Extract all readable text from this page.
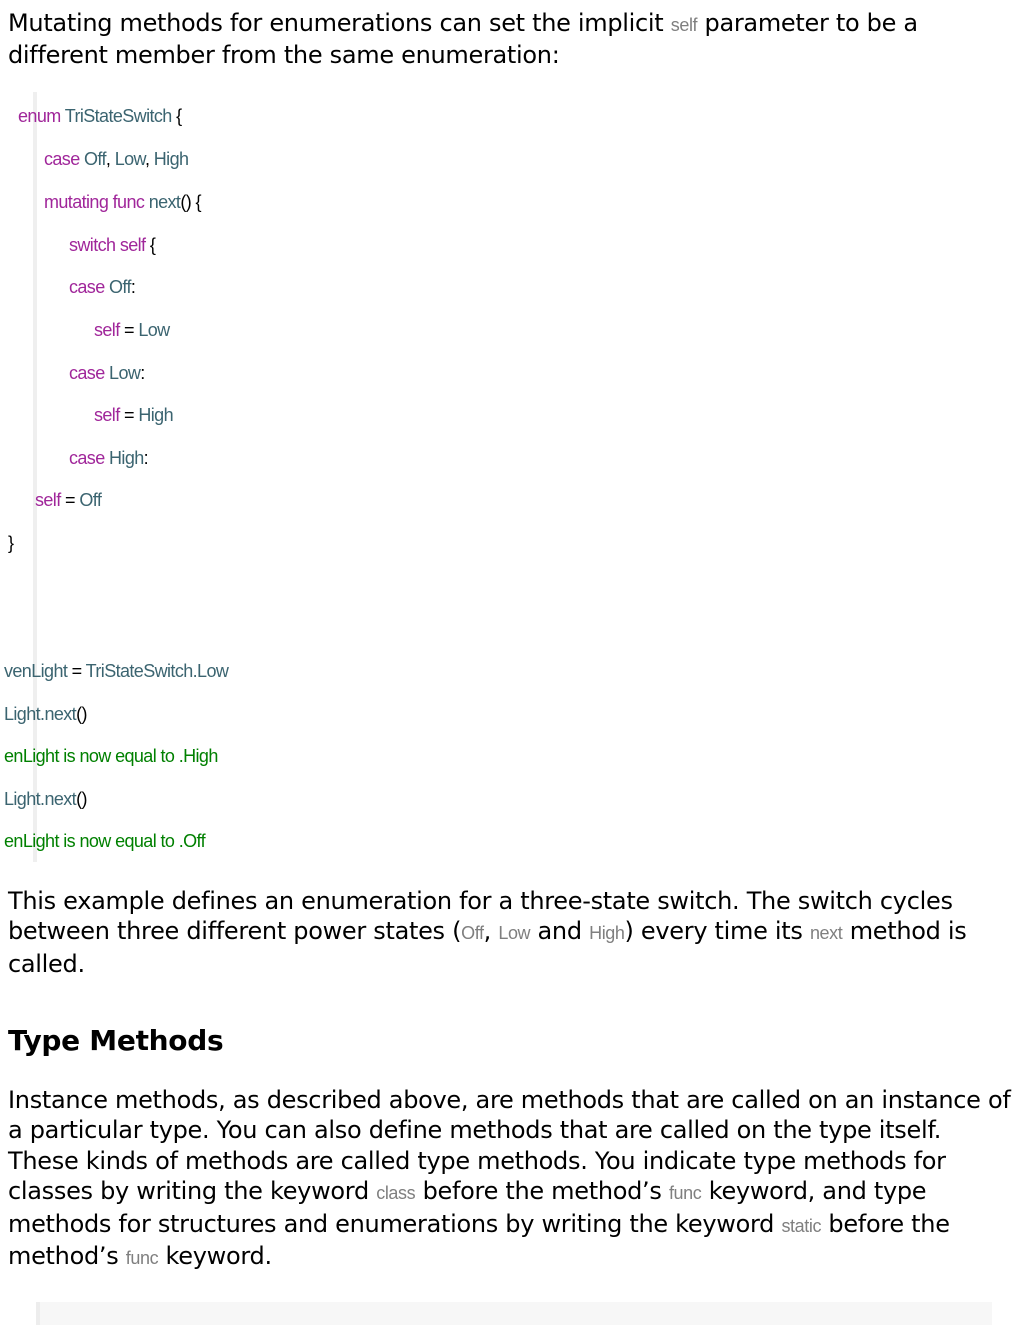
Mutating methods for enumerations can set the implicit self parameter to be a different member from the same enumeration:

enum TriStateSwitch {
case Off, Low, High
mutating func next() {
switch self {
case Off:
self = Low
case Low:
self = High
case High:
self = Off
}
venLight = TriStateSwitch.Low
Light.next()
enLight is now equal to .High
Light.next()
enLight is now equal to .Off

This example defines an enumeration for a three-state switch. The switch cycles between three different power states (Off, Low and High) every time its next method is called.

Type Methods

Instance methods, as described above, are methods that are called on an instance of a particular type. You can also define methods that are called on the type itself. These kinds of methods are called type methods. You indicate type methods for classes by writing the keyword class before the method’s func keyword, and type methods for structures and enumerations by writing the keyword static before the method’s func keyword.
